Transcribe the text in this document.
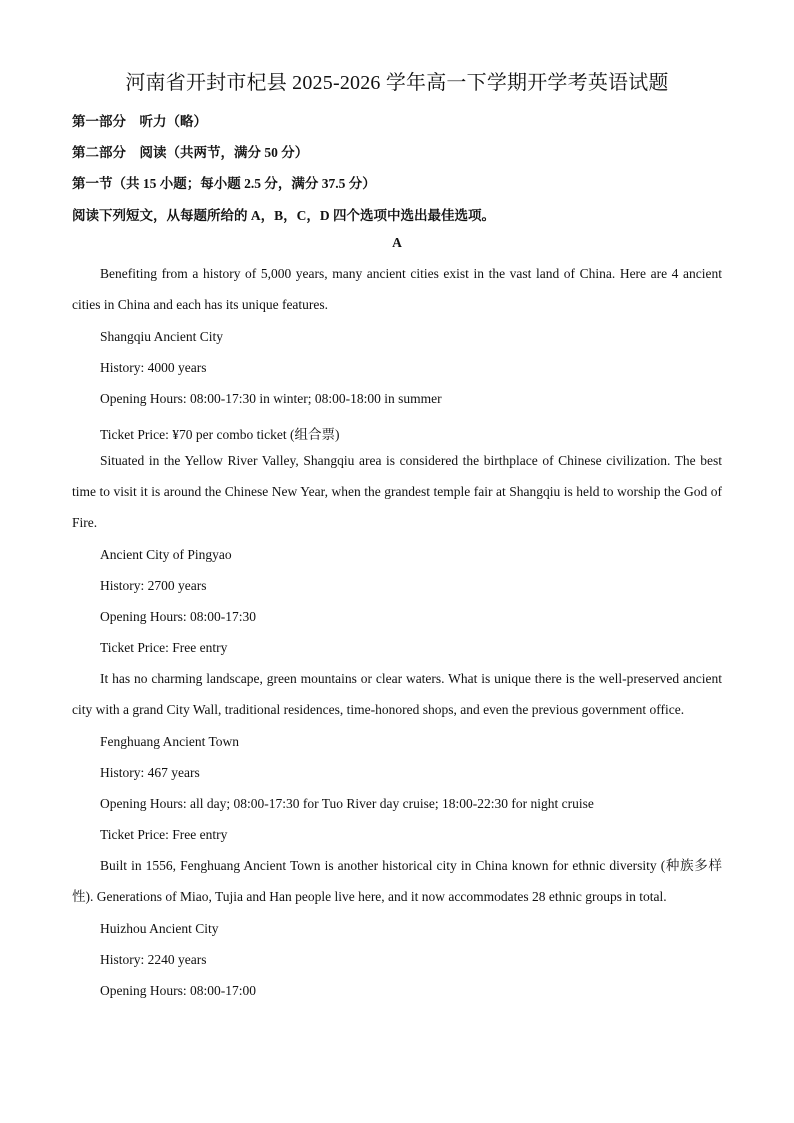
河南省开封市杞县 2025-2026 学年高一下学期开学考英语试题
第一部分　听力（略）
第二部分　阅读（共两节，满分 50 分）
第一节（共 15 小题；每小题 2.5 分，满分 37.5 分）
阅读下列短文，从每题所给的 A，B，C，D 四个选项中选出最佳选项。
A
Benefiting from a history of 5,000 years, many ancient cities exist in the vast land of China. Here are 4 ancient cities in China and each has its unique features.
Shangqiu Ancient City
History: 4000 years
Opening Hours: 08:00-17:30 in winter; 08:00-18:00 in summer
Ticket Price: ¥70 per combo ticket (组合票)
Situated in the Yellow River Valley, Shangqiu area is considered the birthplace of Chinese civilization. The best time to visit it is around the Chinese New Year, when the grandest temple fair at Shangqiu is held to worship the God of Fire.
Ancient City of Pingyao
History: 2700 years
Opening Hours: 08:00-17:30
Ticket Price: Free entry
It has no charming landscape, green mountains or clear waters. What is unique there is the well-preserved ancient city with a grand City Wall, traditional residences, time-honored shops, and even the previous government office.
Fenghuang Ancient Town
History: 467 years
Opening Hours: all day; 08:00-17:30 for Tuo River day cruise; 18:00-22:30 for night cruise
Ticket Price: Free entry
Built in 1556, Fenghuang Ancient Town is another historical city in China known for ethnic diversity (种族多样性). Generations of Miao, Tujia and Han people live here, and it now accommodates 28 ethnic groups in total.
Huizhou Ancient City
History: 2240 years
Opening Hours: 08:00-17:00
